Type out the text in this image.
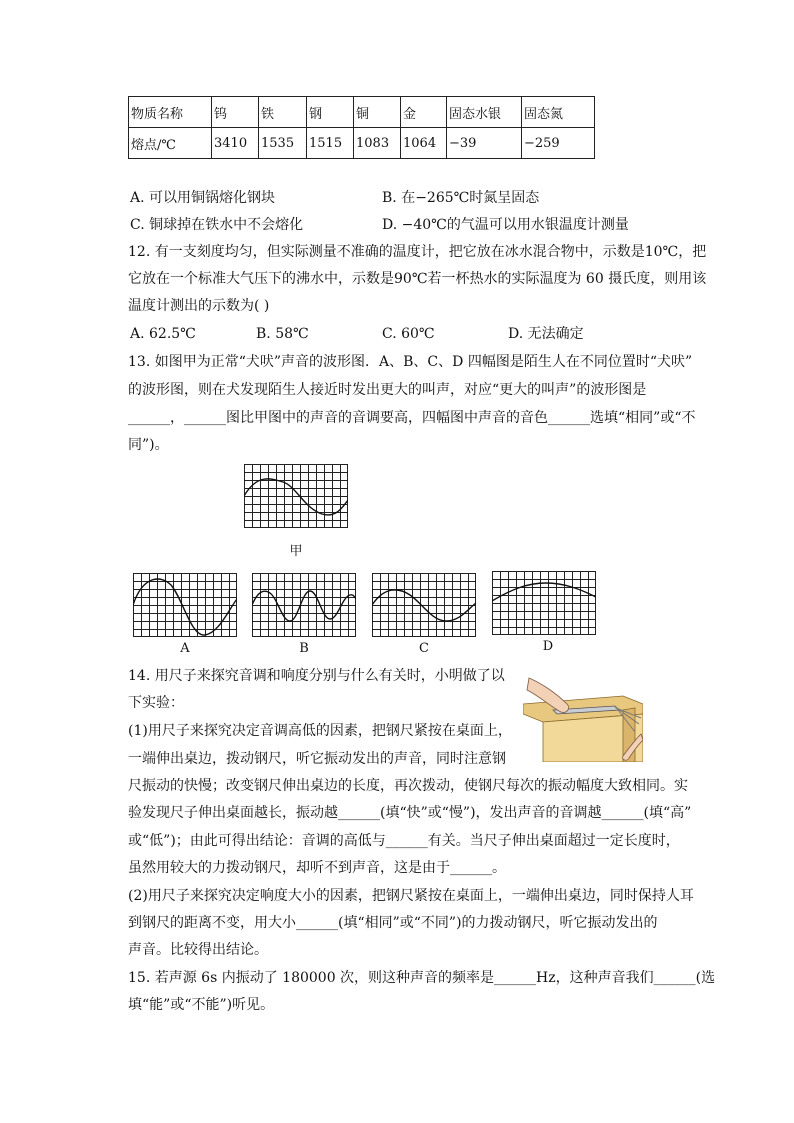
物质名称	钨	铁	钢	铜	金	固态水银	固态氮
熔点/℃	3410	1535	1515	1083	1064	−39	−259
A. 可以用铜锅熔化钢块	B. 在−265℃时氮呈固态
C. 铜球掉在铁水中不会熔化	D. −40℃的气温可以用水银温度计测量
12. 有一支刻度均匀，但实际测量不准确的温度计，把它放在冰水混合物中，示数是10℃，把
它放在一个标准大气压下的沸水中，示数是90℃若一杯热水的实际温度为 60 摄氏度，则用该
温度计测出的示数为( )
A. 62.5℃	B. 58℃	C. 60℃	D. 无法确定
13. 如图甲为正常“犬吠”声音的波形图．A、B、C、D 四幅图是陌生人在不同位置时“犬吠”
的波形图，则在犬发现陌生人接近时发出更大的叫声，对应“更大的叫声”的波形图是
______，______图比甲图中的声音的音调要高，四幅图中声音的音色______选填“相同”或“不
同”)。
甲
A	B	C	D
14. 用尺子来探究音调和响度分别与什么有关时，小明做了以
下实验：
(1)用尺子来探究决定音调高低的因素，把钢尺紧按在桌面上，
一端伸出桌边，拨动钢尺，听它振动发出的声音，同时注意钢
尺振动的快慢；改变钢尺伸出桌边的长度，再次拨动，使钢尺每次的振动幅度大致相同。实
验发现尺子伸出桌面越长，振动越______(填“快”或“慢”)，发出声音的音调越______(填“高”
或“低”)；由此可得出结论：音调的高低与______有关。当尺子伸出桌面超过一定长度时，
虽然用较大的力拨动钢尺，却听不到声音，这是由于______。
(2)用尺子来探究决定响度大小的因素，把钢尺紧按在桌面上，一端伸出桌边，同时保持人耳
到钢尺的距离不变，用大小______(填“相同”或“不同”)的力拨动钢尺，听它振动发出的
声音。比较得出结论。
15. 若声源 6s 内振动了 180000 次，则这种声音的频率是______Hz，这种声音我们______(选
填“能”或“不能”)听见。
